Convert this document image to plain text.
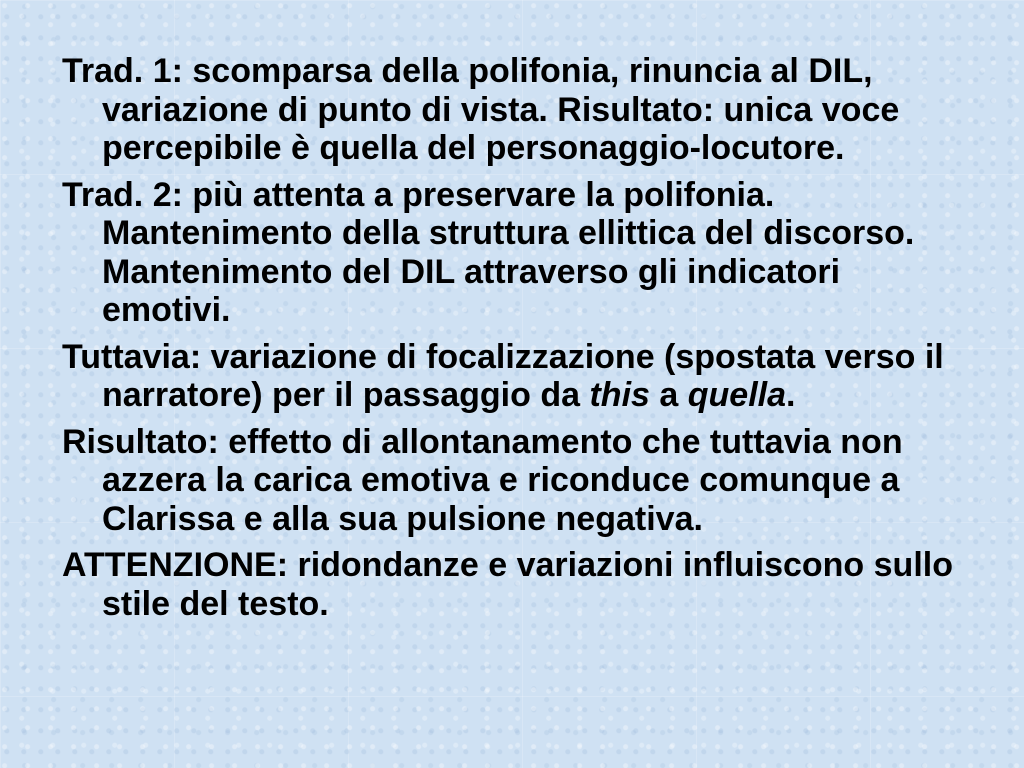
Trad. 1: scomparsa della polifonia, rinuncia al DIL, variazione di punto di vista. Risultato: unica voce percepibile è quella del personaggio-locutore.

Trad. 2: più attenta a preservare la polifonia. Mantenimento della struttura ellittica del discorso. Mantenimento del DIL attraverso gli indicatori emotivi.

Tuttavia: variazione di focalizzazione (spostata verso il narratore) per il passaggio da this a quella.

Risultato: effetto di allontanamento che tuttavia non azzera la carica emotiva e riconduce comunque a Clarissa e alla sua pulsione negativa.

ATTENZIONE: ridondanze e variazioni influiscono sullo stile del testo.
